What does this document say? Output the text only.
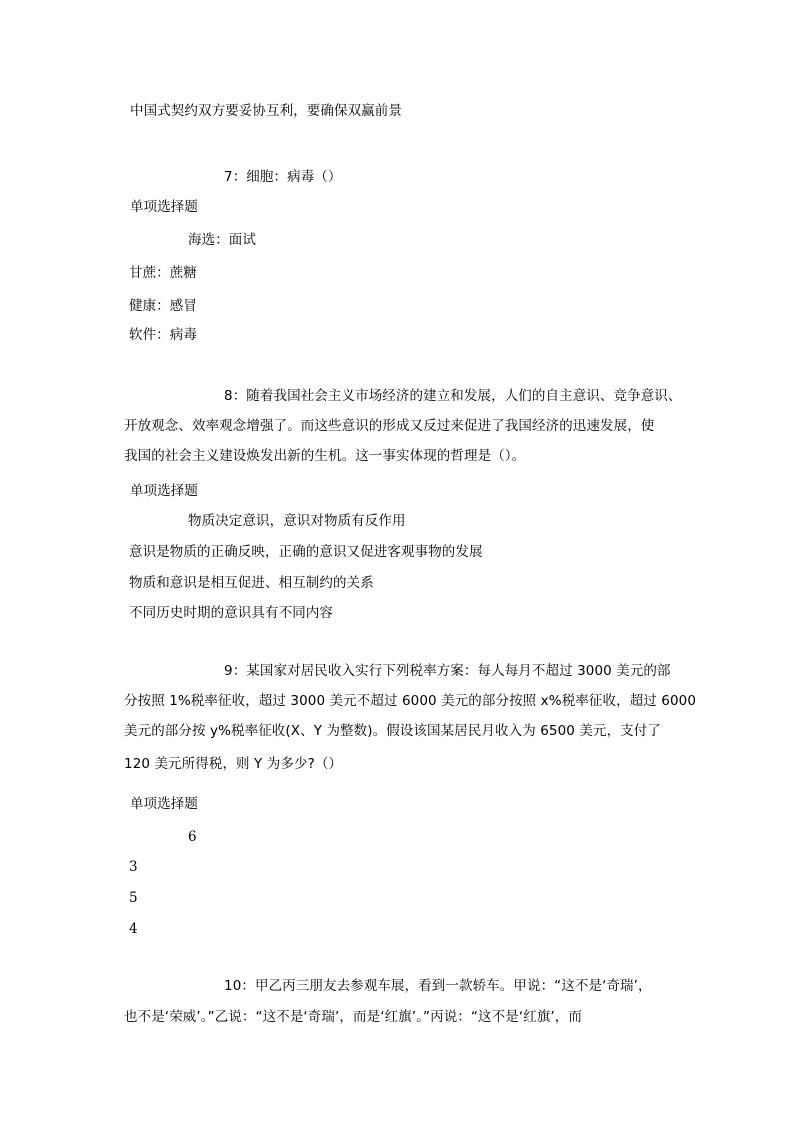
中国式契约双方要妥协互利，要确保双赢前景
7：细胞：病毒（）
单项选择题
海选：面试
甘蔗：蔗糖
健康：感冒
软件：病毒
8：随着我国社会主义市场经济的建立和发展，人们的自主意识、竞争意识、
开放观念、效率观念增强了。而这些意识的形成又反过来促进了我国经济的迅速发展，使
我国的社会主义建设焕发出新的生机。这一事实体现的哲理是（）。
单项选择题
物质决定意识，意识对物质有反作用
意识是物质的正确反映，正确的意识又促进客观事物的发展
物质和意识是相互促进、相互制约的关系
不同历史时期的意识具有不同内容
9：某国家对居民收入实行下列税率方案：每人每月不超过 3000 美元的部
分按照 1%税率征收，超过 3000 美元不超过 6000 美元的部分按照 x%税率征收，超过 6000
美元的部分按 y%税率征收(X、Y 为整数)。假设该国某居民月收入为 6500 美元，支付了
120 美元所得税，则 Y 为多少?（）
单项选择题
6
3
5
4
10：甲乙丙三朋友去参观车展，看到一款轿车。甲说：“这不是‘奇瑞’，
也不是‘荣威’。”乙说：“这不是‘奇瑞’，而是‘红旗’。”丙说：“这不是‘红旗’，而
